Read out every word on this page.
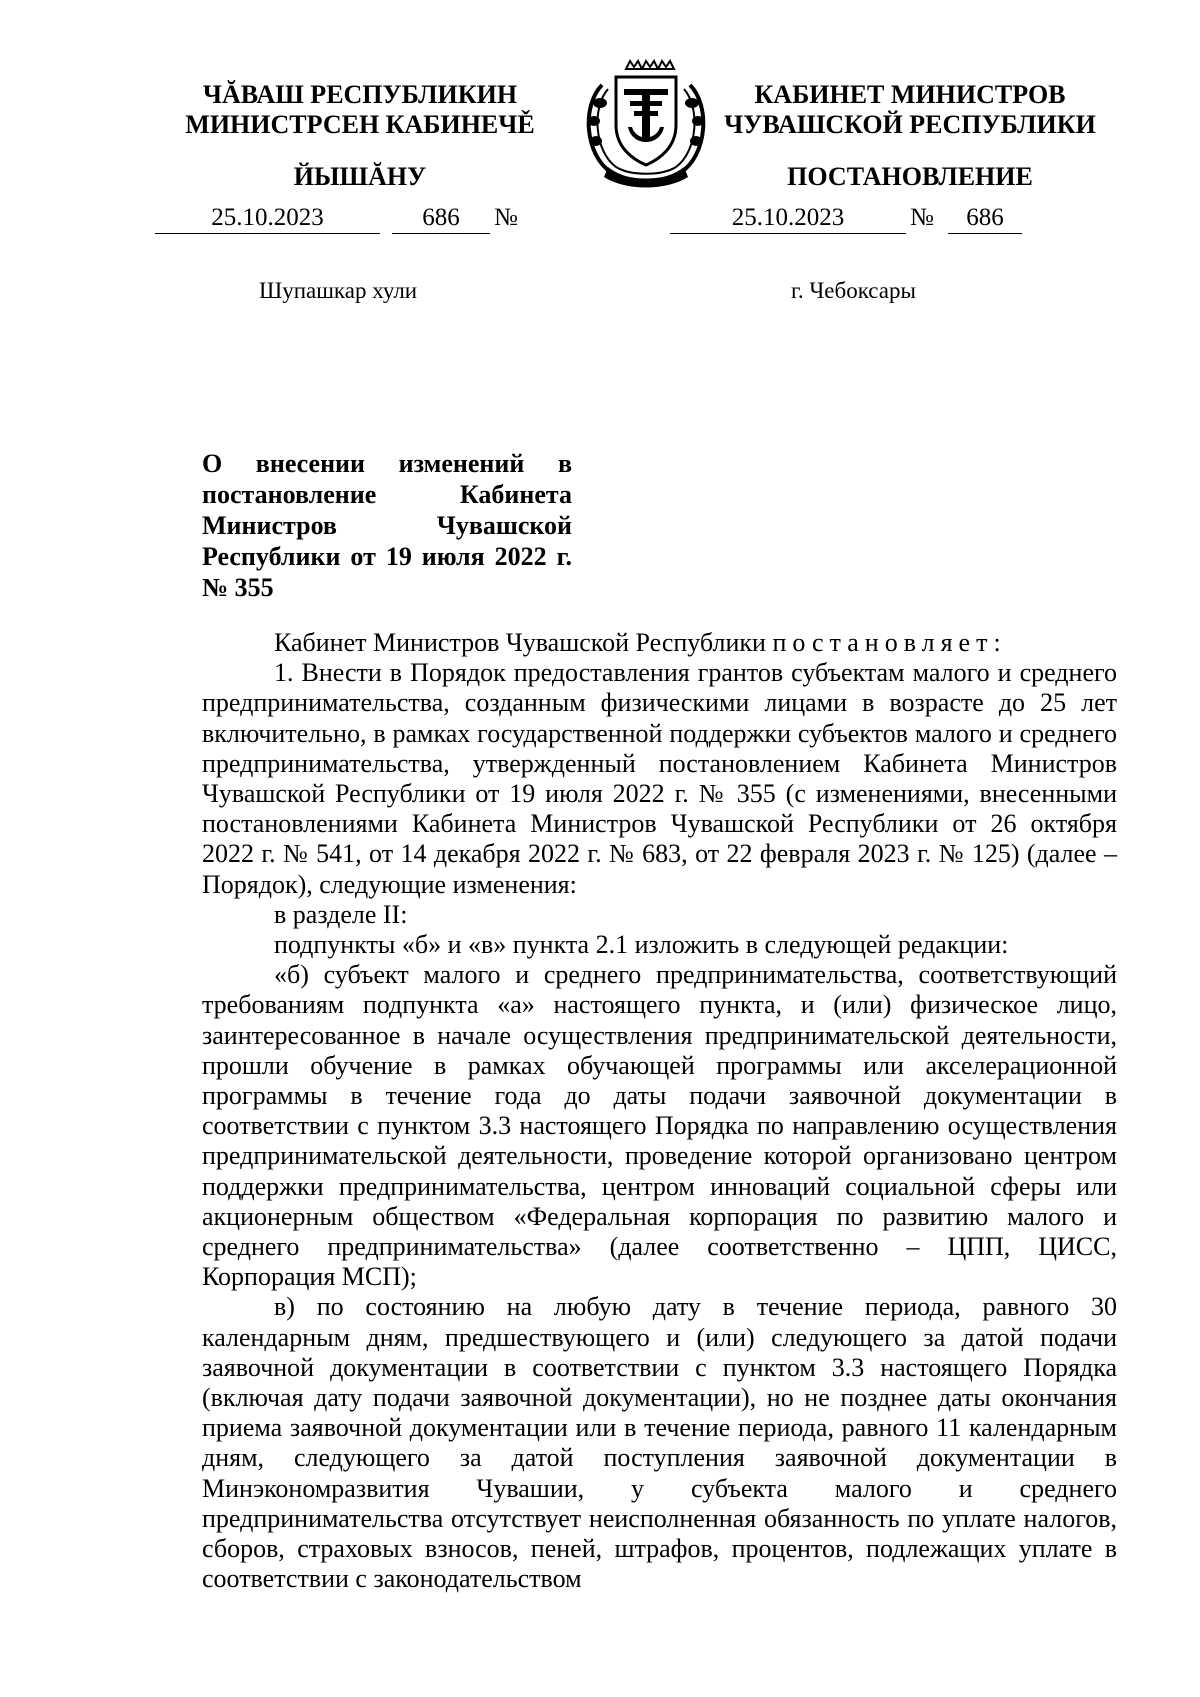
ЧĂВАШ РЕСПУБЛИКИН
МИНИСТРСЕН КАБИНЕЧĚ
ЙЫШĂНУ
КАБИНЕТ МИНИСТРОВ
ЧУВАШСКОЙ РЕСПУБЛИКИ
ПОСТАНОВЛЕНИЕ
25.10.2023	686	№	25.10.2023	№	686
Шупашкар хули	г. Чебоксары
О внесении изменений в постановление Кабинета Министров Чувашской Республики от 19 июля 2022 г. № 355

Кабинет Министров Чувашской Республики постановляет:

1. Внести в Порядок предоставления грантов субъектам малого и среднего предпринимательства, созданным физическими лицами в возрасте до 25 лет включительно, в рамках государственной поддержки субъектов малого и среднего предпринимательства, утвержденный постановлением Кабинета Министров Чувашской Республики от 19 июля 2022 г. № 355 (с изменениями, внесенными постановлениями Кабинета Министров Чувашской Республики от 26 октября 2022 г. № 541, от 14 декабря 2022 г. № 683, от 22 февраля 2023 г. № 125) (далее – Порядок), следующие изменения:

в разделе II:

подпункты «б» и «в» пункта 2.1 изложить в следующей редакции:

«б) субъект малого и среднего предпринимательства, соответствующий требованиям подпункта «а» настоящего пункта, и (или) физическое лицо, заинтересованное в начале осуществления предпринимательской деятельности, прошли обучение в рамках обучающей программы или акселерационной программы в течение года до даты подачи заявочной документации в соответствии с пунктом 3.3 настоящего Порядка по направлению осуществления предпринимательской деятельности, проведение которой организовано центром поддержки предпринимательства, центром инноваций социальной сферы или акционерным обществом «Федеральная корпорация по развитию малого и среднего предпринимательства» (далее соответственно – ЦПП, ЦИСС, Корпорация МСП);

в) по состоянию на любую дату в течение периода, равного 30 календарным дням, предшествующего и (или) следующего за датой подачи заявочной документации в соответствии с пунктом 3.3 настоящего Порядка (включая дату подачи заявочной документации), но не позднее даты окончания приема заявочной документации или в течение периода, равного 11 календарным дням, следующего за датой поступления заявочной документации в Минэкономразвития Чувашии, у субъекта малого и среднего предпринимательства отсутствует неисполненная обязанность по уплате налогов, сборов, страховых взносов, пеней, штрафов, процентов, подлежащих уплате в соответствии с законодательством
